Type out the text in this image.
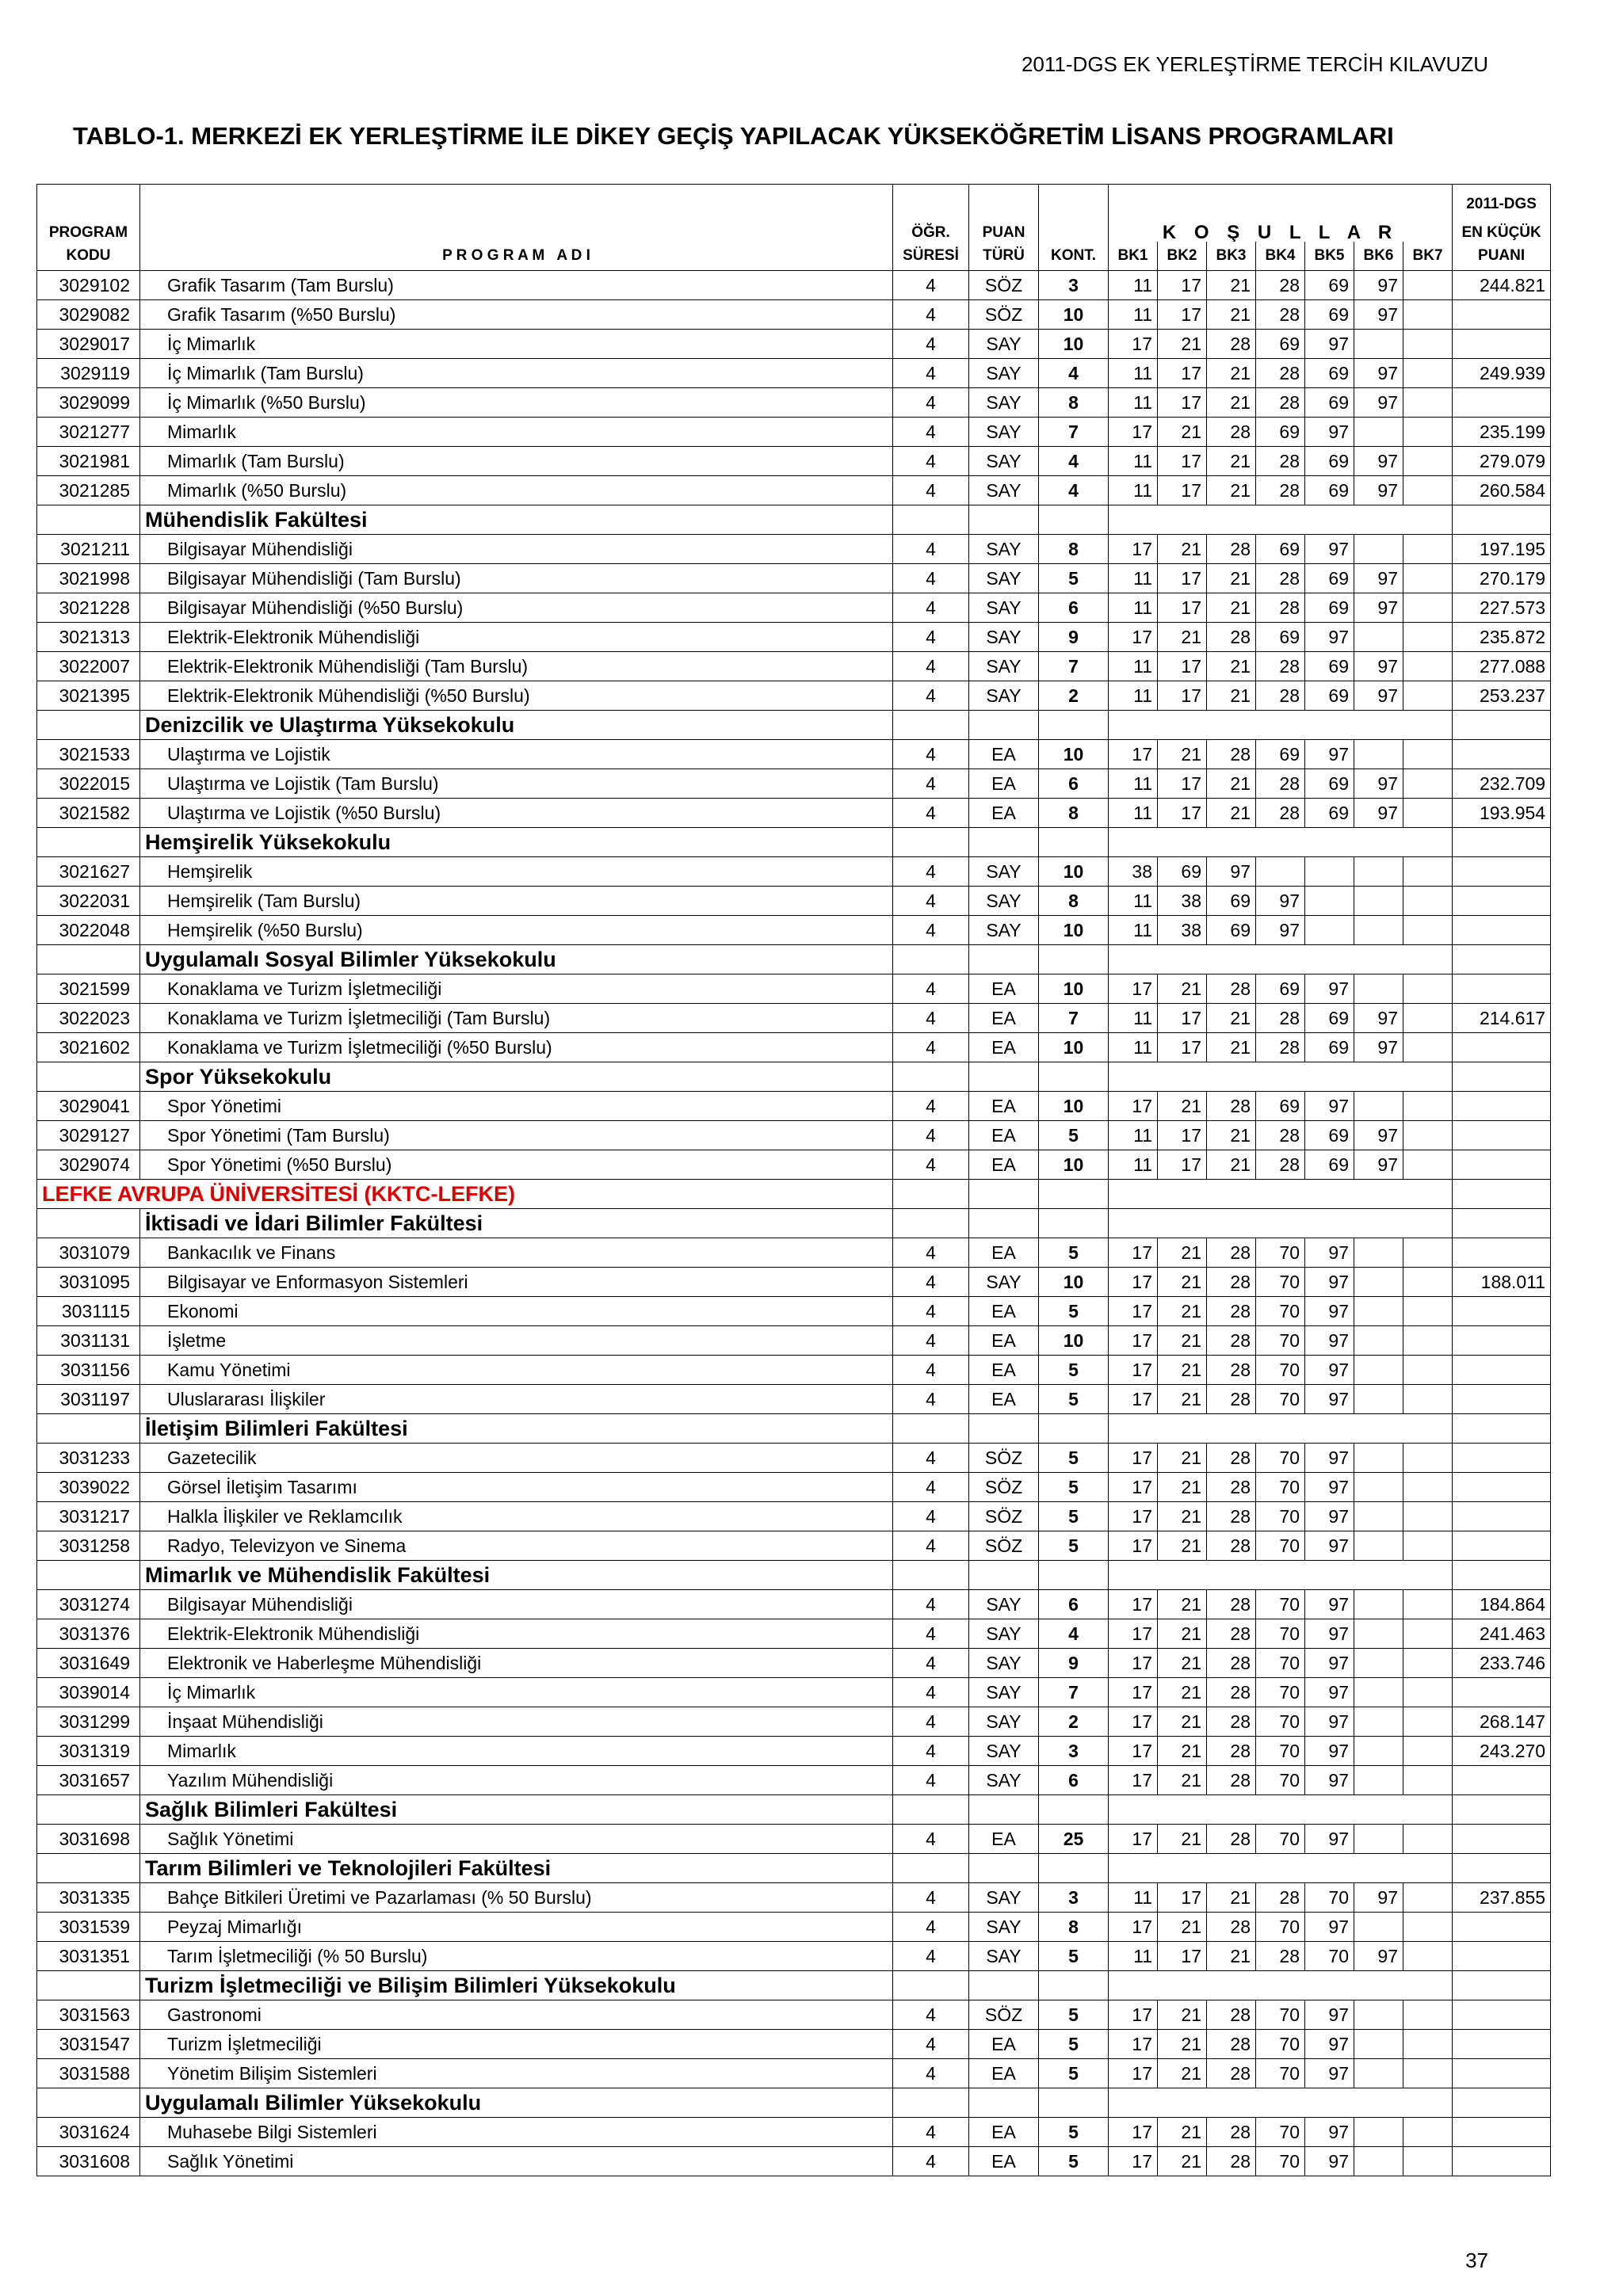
2011-DGS EK YERLEŞTİRME TERCİH KILAVUZU
TABLO-1. MERKEZİ EK YERLEŞTİRME İLE DİKEY GEÇİŞ YAPILACAK YÜKSEKÖĞRETİM LİSANS PROGRAMLARI
PROGRAM		ÖĞR.	PUAN		K O Ş U L L A R							2011-DGS
EN KÜÇÜK

KODU	P R O G R A M   A D I	SÜRESİ	TÜRÜ	KONT.	BK1	BK2	BK3	BK4	BK5	BK6	BK7	PUANI
3029102	Grafik Tasarım (Tam Burslu)	4	SÖZ	3	11	17	21	28	69	97		244.821
3029082	Grafik Tasarım (%50 Burslu)	4	SÖZ	10	11	17	21	28	69	97		
3029017	İç Mimarlık	4	SAY	10	17	21	28	69	97			
3029119	İç Mimarlık (Tam Burslu)	4	SAY	4	11	17	21	28	69	97		249.939
3029099	İç Mimarlık (%50 Burslu)	4	SAY	8	11	17	21	28	69	97		
3021277	Mimarlık	4	SAY	7	17	21	28	69	97			235.199
3021981	Mimarlık (Tam Burslu)	4	SAY	4	11	17	21	28	69	97		279.079
3021285	Mimarlık (%50 Burslu)	4	SAY	4	11	17	21	28	69	97		260.584
	Mühendislik Fakültesi											
3021211	Bilgisayar Mühendisliği	4	SAY	8	17	21	28	69	97			197.195
3021998	Bilgisayar Mühendisliği (Tam Burslu)	4	SAY	5	11	17	21	28	69	97		270.179
3021228	Bilgisayar Mühendisliği (%50 Burslu)	4	SAY	6	11	17	21	28	69	97		227.573
3021313	Elektrik-Elektronik Mühendisliği	4	SAY	9	17	21	28	69	97			235.872
3022007	Elektrik-Elektronik Mühendisliği (Tam Burslu)	4	SAY	7	11	17	21	28	69	97		277.088
3021395	Elektrik-Elektronik Mühendisliği (%50 Burslu)	4	SAY	2	11	17	21	28	69	97		253.237
	Denizcilik ve Ulaştırma Yüksekokulu											
3021533	Ulaştırma ve Lojistik	4	EA	10	17	21	28	69	97			
3022015	Ulaştırma ve Lojistik (Tam Burslu)	4	EA	6	11	17	21	28	69	97		232.709
3021582	Ulaştırma ve Lojistik (%50 Burslu)	4	EA	8	11	17	21	28	69	97		193.954
	Hemşirelik Yüksekokulu											
3021627	Hemşirelik	4	SAY	10	38	69	97					
3022031	Hemşirelik (Tam Burslu)	4	SAY	8	11	38	69	97				
3022048	Hemşirelik (%50 Burslu)	4	SAY	10	11	38	69	97				
	Uygulamalı Sosyal Bilimler Yüksekokulu											
3021599	Konaklama ve Turizm İşletmeciliği	4	EA	10	17	21	28	69	97			
3022023	Konaklama ve Turizm İşletmeciliği (Tam Burslu)	4	EA	7	11	17	21	28	69	97		214.617
3021602	Konaklama ve Turizm İşletmeciliği (%50 Burslu)	4	EA	10	11	17	21	28	69	97		
	Spor Yüksekokulu											
3029041	Spor Yönetimi	4	EA	10	17	21	28	69	97			
3029127	Spor Yönetimi (Tam Burslu)	4	EA	5	11	17	21	28	69	97		
3029074	Spor Yönetimi (%50 Burslu)	4	EA	10	11	17	21	28	69	97		
LEFKE AVRUPA ÜNİVERSİTESİ (KKTC-LEFKE)												
	İktisadi ve İdari Bilimler Fakültesi											
3031079	Bankacılık ve Finans	4	EA	5	17	21	28	70	97			
3031095	Bilgisayar ve Enformasyon Sistemleri	4	SAY	10	17	21	28	70	97			188.011
3031115	Ekonomi	4	EA	5	17	21	28	70	97			
3031131	İşletme	4	EA	10	17	21	28	70	97			
3031156	Kamu Yönetimi	4	EA	5	17	21	28	70	97			
3031197	Uluslararası İlişkiler	4	EA	5	17	21	28	70	97			
	İletişim Bilimleri Fakültesi											
3031233	Gazetecilik	4	SÖZ	5	17	21	28	70	97			
3039022	Görsel İletişim Tasarımı	4	SÖZ	5	17	21	28	70	97			
3031217	Halkla İlişkiler ve Reklamcılık	4	SÖZ	5	17	21	28	70	97			
3031258	Radyo, Televizyon ve Sinema	4	SÖZ	5	17	21	28	70	97			
	Mimarlık ve Mühendislik Fakültesi											
3031274	Bilgisayar Mühendisliği	4	SAY	6	17	21	28	70	97			184.864
3031376	Elektrik-Elektronik Mühendisliği	4	SAY	4	17	21	28	70	97			241.463
3031649	Elektronik ve Haberleşme Mühendisliği	4	SAY	9	17	21	28	70	97			233.746
3039014	İç Mimarlık	4	SAY	7	17	21	28	70	97			
3031299	İnşaat Mühendisliği	4	SAY	2	17	21	28	70	97			268.147
3031319	Mimarlık	4	SAY	3	17	21	28	70	97			243.270
3031657	Yazılım Mühendisliği	4	SAY	6	17	21	28	70	97			
	Sağlık Bilimleri Fakültesi											
3031698	Sağlık Yönetimi	4	EA	25	17	21	28	70	97			
	Tarım Bilimleri ve Teknolojileri Fakültesi											
3031335	Bahçe Bitkileri Üretimi ve Pazarlaması (% 50 Burslu)	4	SAY	3	11	17	21	28	70	97		237.855
3031539	Peyzaj Mimarlığı	4	SAY	8	17	21	28	70	97			
3031351	Tarım İşletmeciliği (% 50 Burslu)	4	SAY	5	11	17	21	28	70	97		
	Turizm İşletmeciliği ve Bilişim Bilimleri Yüksekokulu											
3031563	Gastronomi	4	SÖZ	5	17	21	28	70	97			
3031547	Turizm İşletmeciliği	4	EA	5	17	21	28	70	97			
3031588	Yönetim Bilişim Sistemleri	4	EA	5	17	21	28	70	97			
	Uygulamalı Bilimler Yüksekokulu											
3031624	Muhasebe Bilgi Sistemleri	4	EA	5	17	21	28	70	97			
3031608	Sağlık Yönetimi	4	EA	5	17	21	28	70	97			
37
